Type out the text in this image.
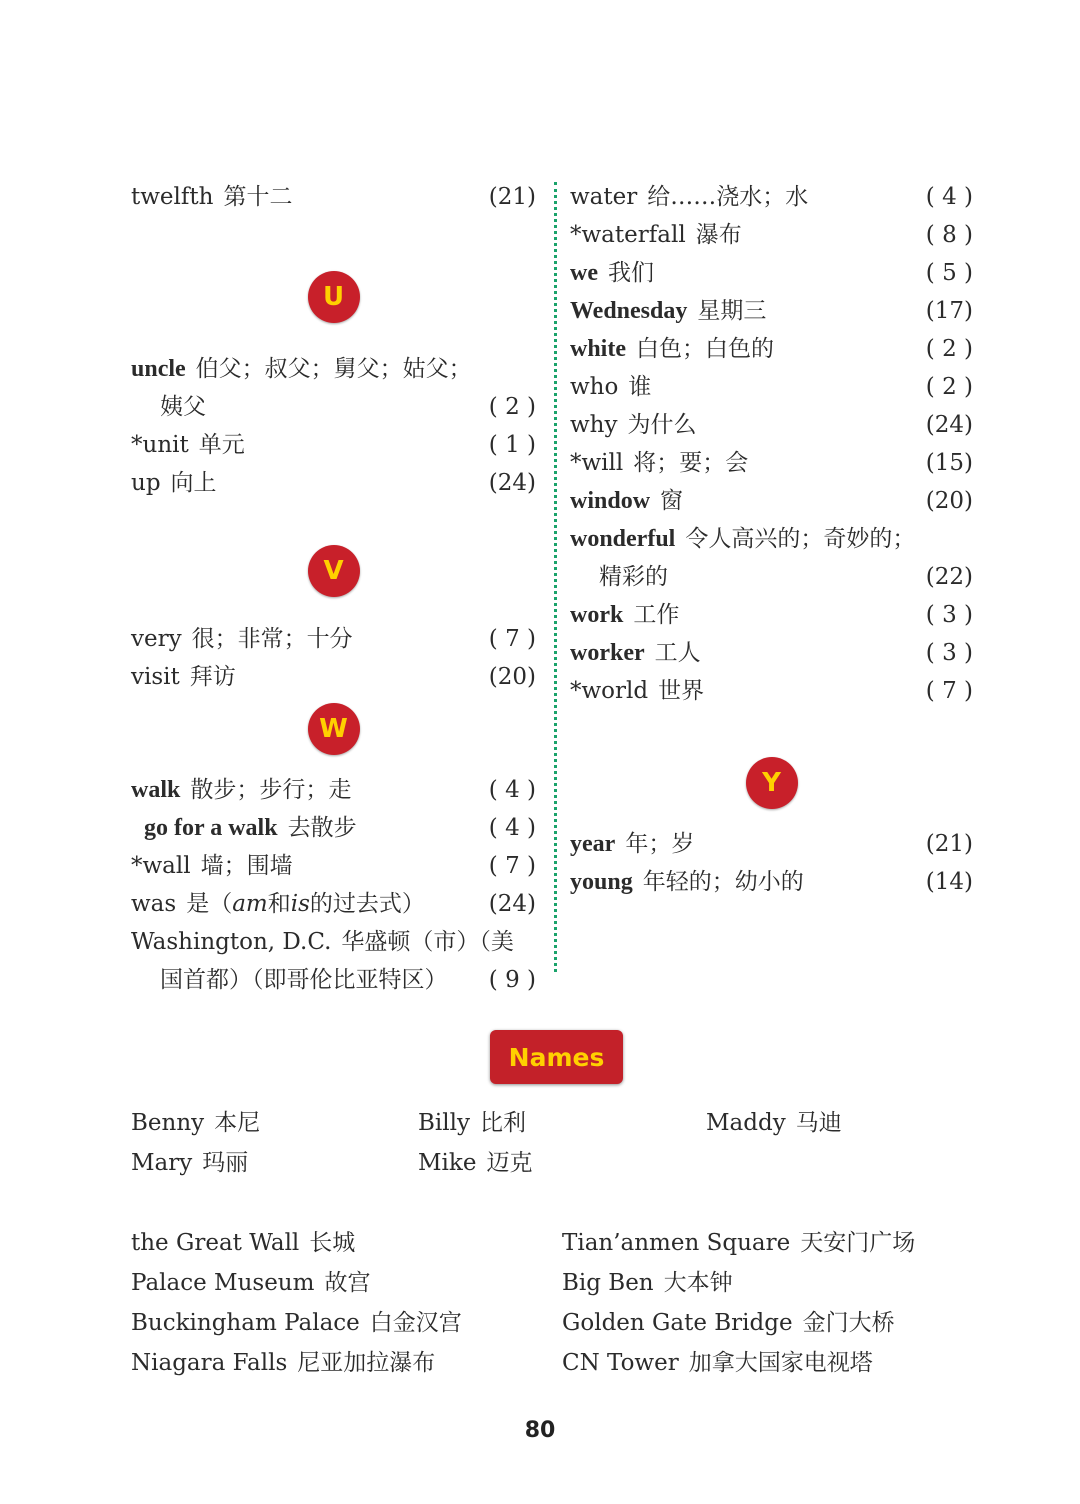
twelfth 第十二	(21)
U
uncle 伯父；叔父；舅父；姑父；
姨父	( 2 )
*unit 单元	( 1 )
up 向上	(24)
V
very 很；非常；十分	( 7 )
visit 拜访	(20)
W
walk 散步；步行；走	( 4 )
go for a walk 去散步	( 4 )
*wall 墙；围墙	( 7 )
was 是（am和is的过去式）	(24)
Washington, D.C. 华盛顿（市）（美
国首都）（即哥伦比亚特区）	( 9 )
water 给……浇水；水	( 4 )
*waterfall 瀑布	( 8 )
we 我们	( 5 )
Wednesday 星期三	(17)
white 白色；白色的	( 2 )
who 谁	( 2 )
why 为什么	(24)
*will 将；要；会	(15)
window 窗	(20)
wonderful 令人高兴的；奇妙的；
精彩的	(22)
work 工作	( 3 )
worker 工人	( 3 )
*world 世界	( 7 )
Y
year 年；岁	(21)
young 年轻的；幼小的	(14)
Names
Benny 本尼	Billy 比利	Maddy 马迪
Mary 玛丽	Mike 迈克
the Great Wall 长城	Tian’anmen Square 天安门广场
Palace Museum 故宫	Big Ben 大本钟
Buckingham Palace 白金汉宫	Golden Gate Bridge 金门大桥
Niagara Falls 尼亚加拉瀑布	CN Tower 加拿大国家电视塔
80
